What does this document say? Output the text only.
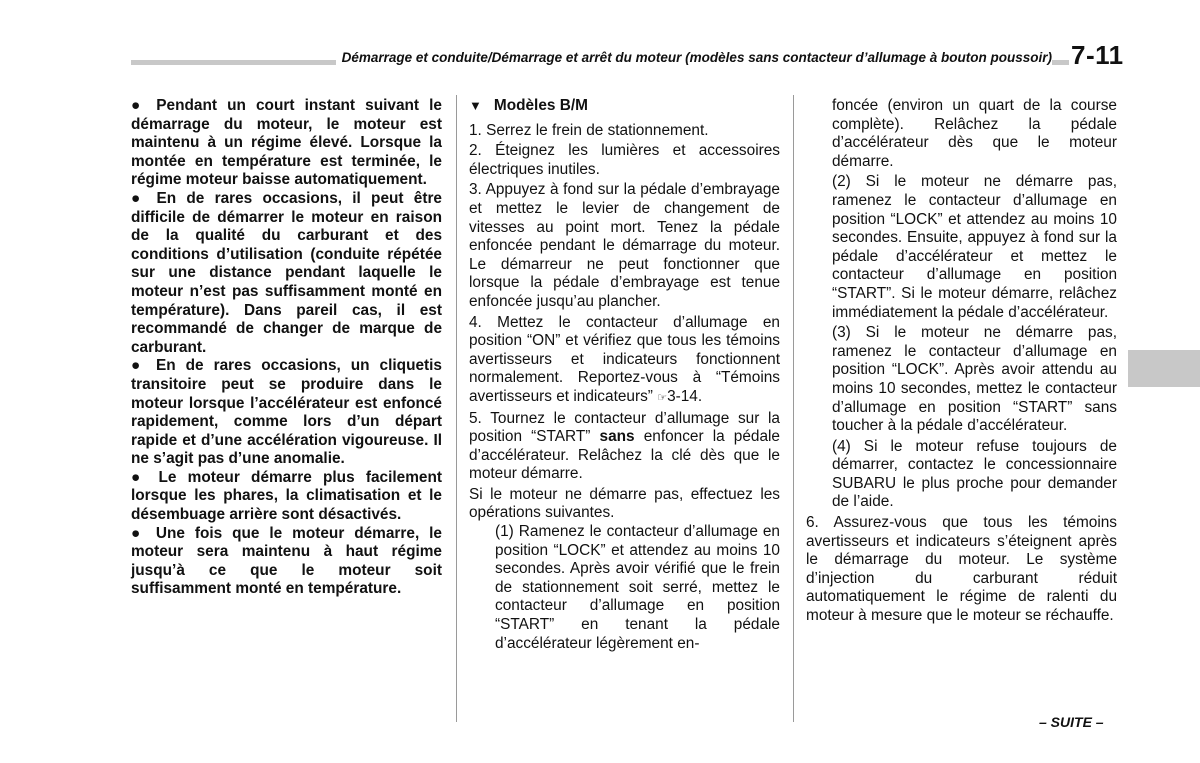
Démarrage et conduite/Démarrage et arrêt du moteur (modèles sans contacteur d’allumage à bouton poussoir) 7-11

● Pendant un court instant suivant le démarrage du moteur, le moteur est maintenu à un régime élevé. Lorsque la montée en température est terminée, le régime moteur baisse automatiquement.

● En de rares occasions, il peut être difficile de démarrer le moteur en raison de la qualité du carburant et des conditions d’utilisation (conduite répétée sur une distance pendant laquelle le moteur n’est pas suffisamment monté en température). Dans pareil cas, il est recommandé de changer de marque de carburant.

● En de rares occasions, un cliquetis transitoire peut se produire dans le moteur lorsque l’accélérateur est enfoncé rapidement, comme lors d’un départ rapide et d’une accélération vigoureuse. Il ne s’agit pas d’une anomalie.

● Le moteur démarre plus facilement lorsque les phares, la climatisation et le désembuage arrière sont désactivés.

● Une fois que le moteur démarre, le moteur sera maintenu à haut régime jusqu’à ce que le moteur soit suffisamment monté en température.

▼ Modèles B/M

1. Serrez le frein de stationnement.

2. Éteignez les lumières et accessoires électriques inutiles.

3. Appuyez à fond sur la pédale d’embrayage et mettez le levier de changement de vitesses au point mort. Tenez la pédale enfoncée pendant le démarrage du moteur. Le démarreur ne peut fonctionner que lorsque la pédale d’embrayage est tenue enfoncée jusqu’au plancher.

4. Mettez le contacteur d’allumage en position “ON” et vérifiez que tous les témoins avertisseurs et indicateurs fonctionnent normalement. Reportez-vous à “Témoins avertisseurs et indicateurs” ☞3-14.

5. Tournez le contacteur d’allumage sur la position “START” sans enfoncer la pédale d’accélérateur. Relâchez la clé dès que le moteur démarre.

Si le moteur ne démarre pas, effectuez les opérations suivantes.

(1) Ramenez le contacteur d’allumage en position “LOCK” et attendez au moins 10 secondes. Après avoir vérifié que le frein de stationnement soit serré, mettez le contacteur d’allumage en position “START” en tenant la pédale d’accélérateur légèrement en-

foncée (environ un quart de la course complète). Relâchez la pédale d’accélérateur dès que le moteur démarre.

(2) Si le moteur ne démarre pas, ramenez le contacteur d’allumage en position “LOCK” et attendez au moins 10 secondes. Ensuite, appuyez à fond sur la pédale d’accélérateur et mettez le contacteur d’allumage en position “START”. Si le moteur démarre, relâchez immédiatement la pédale d’accélérateur.

(3) Si le moteur ne démarre pas, ramenez le contacteur d’allumage en position “LOCK”. Après avoir attendu au moins 10 secondes, mettez le contacteur d’allumage en position “START” sans toucher à la pédale d’accélérateur.

(4) Si le moteur refuse toujours de démarrer, contactez le concessionnaire SUBARU le plus proche pour demander de l’aide.

6. Assurez-vous que tous les témoins avertisseurs et indicateurs s’éteignent après le démarrage du moteur. Le système d’injection du carburant réduit automatiquement le régime de ralenti du moteur à mesure que le moteur se réchauffe.

– SUITE –
